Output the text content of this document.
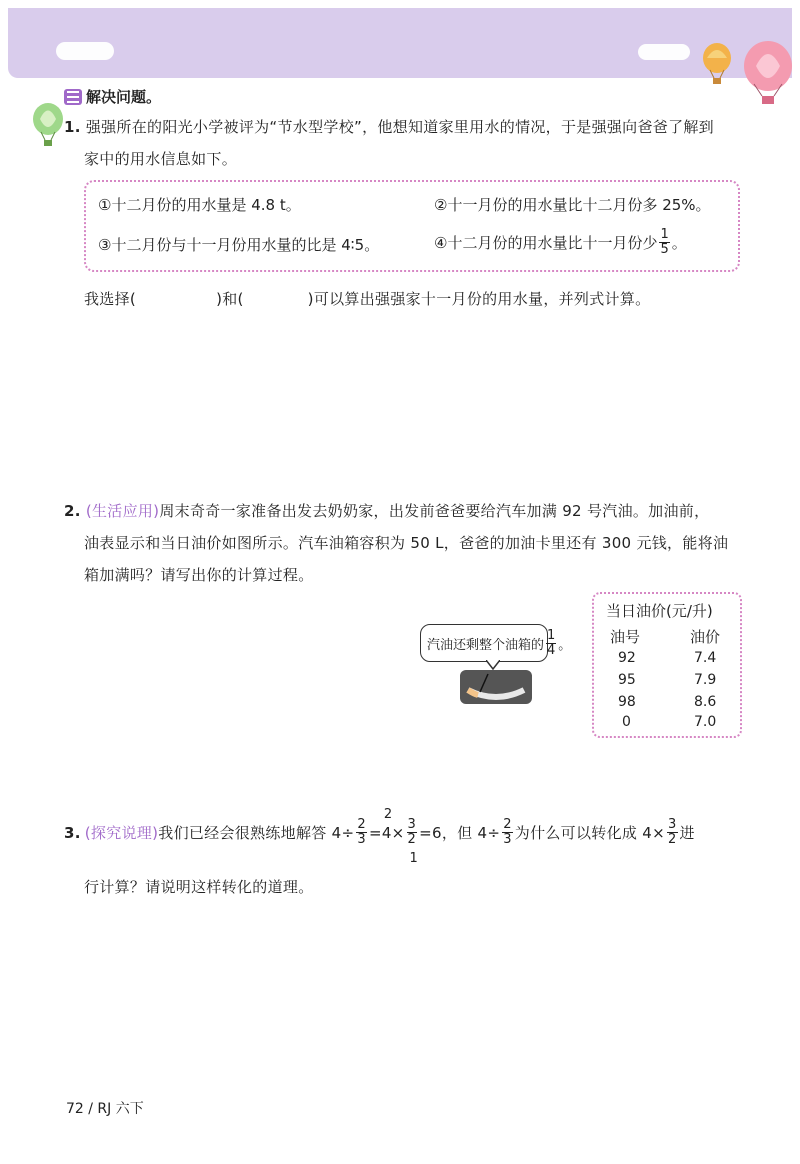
解决问题。
1. 强强所在的阳光小学被评为“节水型学校”，他想知道家里用水的情况，于是强强向爸爸了解到
家中的用水信息如下。
①十二月份的用水量是 4.8 t。	②十一月份的用水量比十二月份多 25%。
③十二月份与十一月份用水量的比是 4∶5。	④十二月份的用水量比十一月份少 $\frac{1}{5}$ 。
我选择(	)和(	)可以算出强强家十一月份的用水量，并列式计算。
2. (生活应用)周末奇奇一家准备出发去奶奶家，出发前爸爸要给汽车加满 92 号汽油。加油前，
油表显示和当日油价如图所示。汽车油箱容积为 50 L，爸爸的加油卡里还有 300 元钱，能将油
箱加满吗？请写出你的计算过程。
汽油还剩整个油箱的 $\frac{1}{4}$ 。
当日油价(元/升)
油号	油价
92	7.4
95	7.9
98	8.6
0	7.0
3. (探究说理) 我们已经会很熟练地解答 $4\div \frac{2}{3}$ =
2
$4\times \frac{3}{2}$
1
=6，但 $4\div \frac{2}{3}$ 为什么可以转化成 $4\times \frac{3}{2}$ 进
行计算？请说明这样转化的道理。
72 / RJ 六下
